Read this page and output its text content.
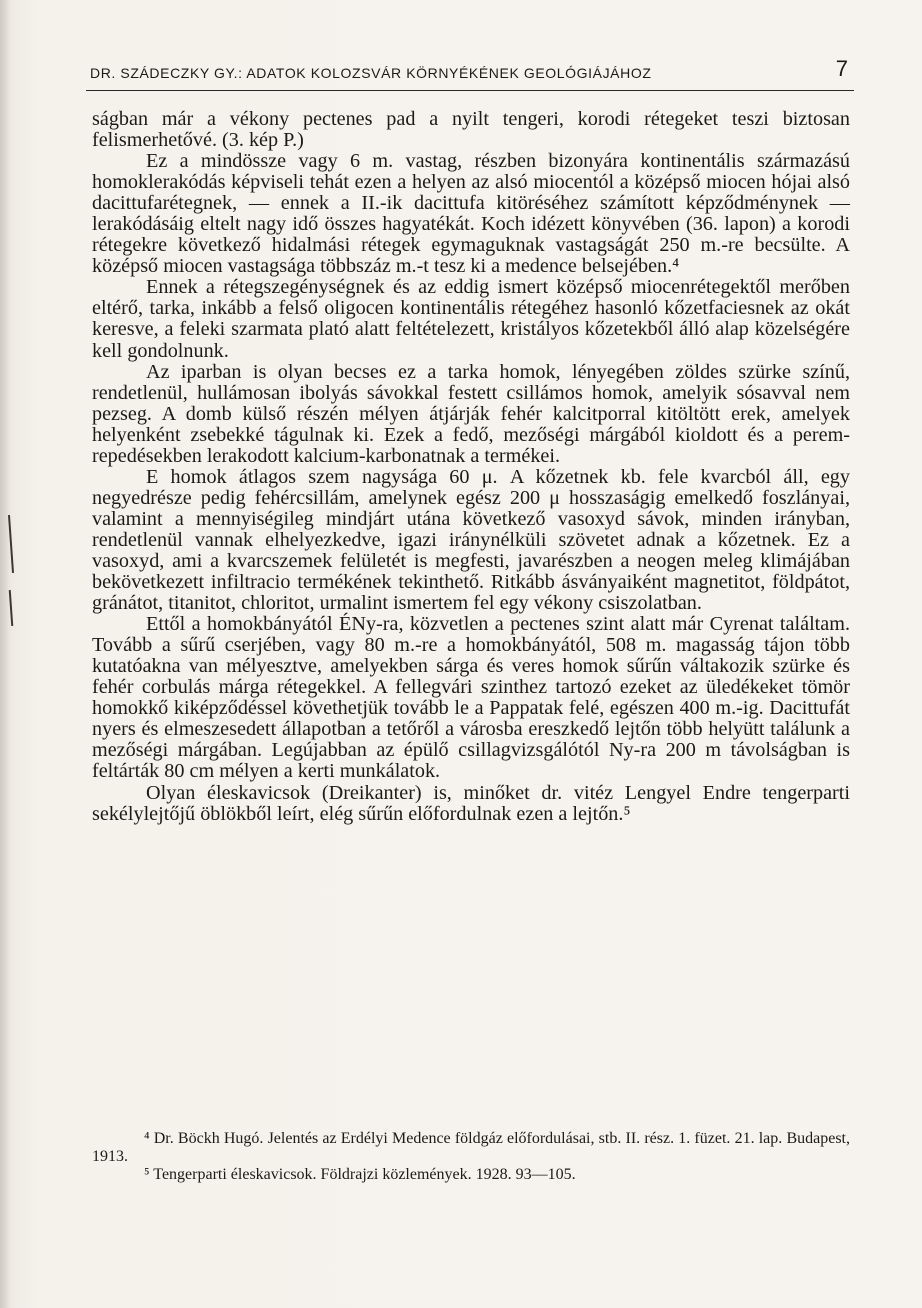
DR. SZÁDECZKY GY.: ADATOK KOLOZSVÁR KÖRNYÉKÉNEK GEOLÓGIÁJÁHOZ	7

ságban már a vékony pectenes pad a nyilt tengeri, korodi rétegeket teszi biztosan felismerhetővé. (3. kép P.)

Ez a mindössze vagy 6 m. vastag, részben bizonyára kontinentális származású homoklerakódás képviseli tehát ezen a helyen az alsó miocentól a középső miocen hójai alsó dacittufarétegnek, — ennek a II.-ik dacittufa kitöréséhez számított képződménynek — lerakódásáig eltelt nagy idő összes hagyatékát. Koch idézett könyvében (36. lapon) a korodi rétegekre következő hidalmási rétegek egymaguknak vastagságát 250 m.-re becsülte. A középső miocen vastagsága többszáz m.-t tesz ki a medence belsejében.⁴

Ennek a rétegszegénységnek és az eddig ismert középső miocenrétegektől merőben eltérő, tarka, inkább a felső oligocen kontinentális rétegéhez hasonló kőzetfaciesnek az okát keresve, a feleki szarmata plató alatt feltételezett, kristályos kőzetekből álló alap közelségére kell gondolnunk.

Az iparban is olyan becses ez a tarka homok, lényegében zöldes szürke színű, rendetlenül, hullámosan ibolyás sávokkal festett csillámos homok, amelyik sósavval nem pezseg. A domb külső részén mélyen átjárják fehér kalcitporral kitöltött erek, amelyek helyenként zsebekké tágulnak ki. Ezek a fedő, mezőségi márgából kioldott és a perem-repedésekben lerakodott kalcium-karbonatnak a termékei.

E homok átlagos szem nagysága 60 μ. A kőzetnek kb. fele kvarcból áll, egy negyedrésze pedig fehércsillám, amelynek egész 200 μ hosszaságig emelkedő foszlányai, valamint a mennyiségileg mindjárt utána következő vasoxyd sávok, minden irányban, rendetlenül vannak elhelyezkedve, igazi iránynélküli szövetet adnak a kőzetnek. Ez a vasoxyd, ami a kvarcszemek felületét is megfesti, javarészben a neogen meleg klimájában bekövetkezett infiltracio termékének tekinthető. Ritkább ásványaiként magnetitot, földpátot, gránátot, titanitot, chloritot, urmalint ismertem fel egy vékony csiszolatban.

Ettől a homokbányától ÉNy-ra, közvetlen a pectenes szint alatt már Cyrenat találtam. Tovább a sűrű cserjében, vagy 80 m.-re a homokbányától, 508 m. magasság tájon több kutatóakna van mélyesztve, amelyekben sárga és veres homok sűrűn váltakozik szürke és fehér corbulás márga rétegekkel. A fellegvári szinthez tartozó ezeket az üledékeket tömör homokkő kiképződéssel követhetjük tovább le a Pappatak felé, egészen 400 m.-ig. Dacittufát nyers és elmeszesedett állapotban a tetőről a városba ereszkedő lejtőn több helyütt találunk a mezőségi márgában. Legújabban az épülő csillagvizsgálótól Ny-ra 200 m távolságban is feltárták 80 cm mélyen a kerti munkálatok.

Olyan éleskavicsok (Dreikanter) is, minőket dr. vitéz Lengyel Endre tengerparti sekélylejtőjű öblökből leírt, elég sűrűn előfordulnak ezen a lejtőn.⁵

⁴ Dr. Böckh Hugó. Jelentés az Erdélyi Medence földgáz előfordulásai, stb. II. rész. 1. füzet. 21. lap. Budapest, 1913.

⁵ Tengerparti éleskavicsok. Földrajzi közlemények. 1928. 93—105.
